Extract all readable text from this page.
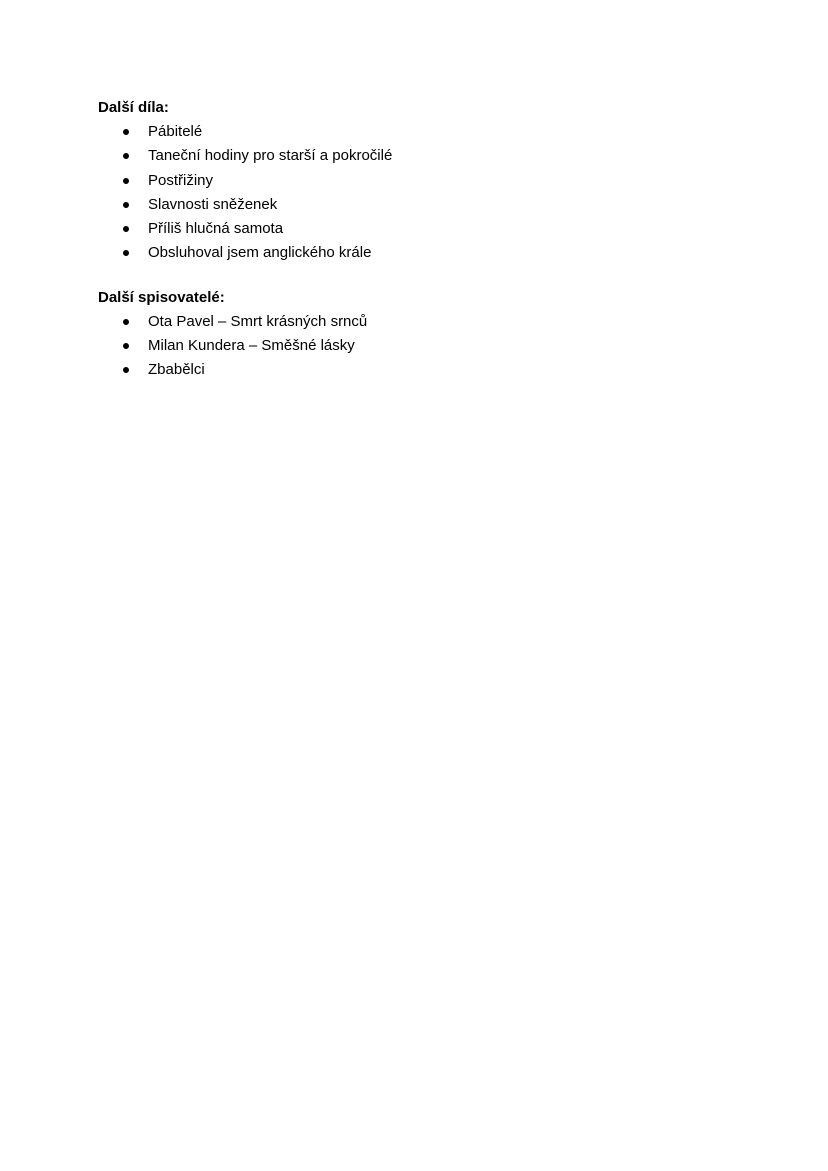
Další díla:

Pábitelé
Taneční hodiny pro starší a pokročilé
Postřižiny
Slavnosti sněženek
Příliš hlučná samota
Obsluhoval jsem anglického krále

Další spisovatelé:

Ota Pavel – Smrt krásných srnců
Milan Kundera – Směšné lásky
Zbabělci
